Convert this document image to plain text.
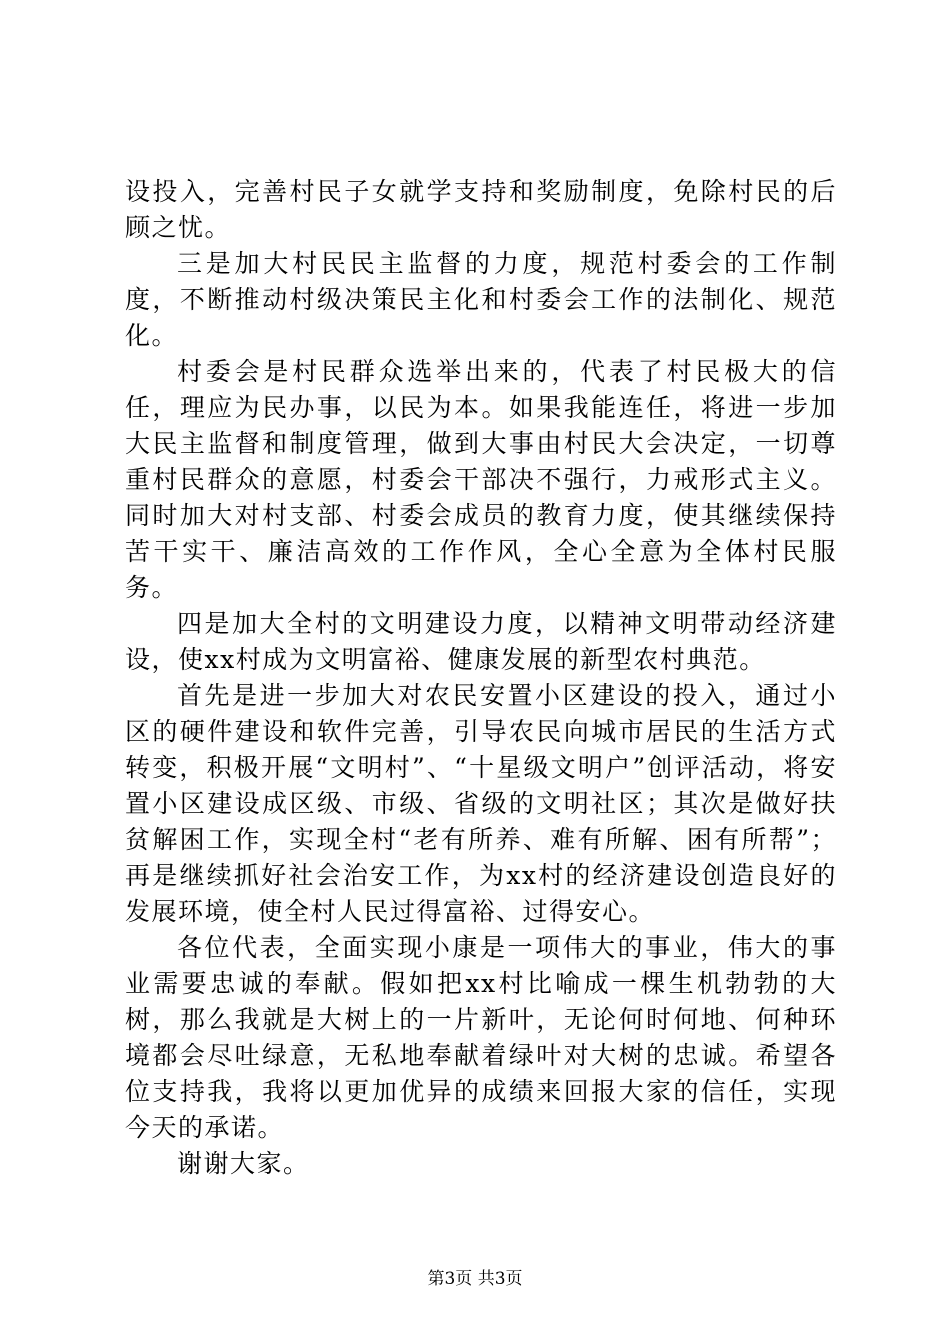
设投入，完善村民子女就学支持和奖励制度，免除村民的后顾之忧。

三是加大村民民主监督的力度，规范村委会的工作制度，不断推动村级决策民主化和村委会工作的法制化、规范化。

村委会是村民群众选举出来的，代表了村民极大的信任，理应为民办事，以民为本。如果我能连任，将进一步加大民主监督和制度管理，做到大事由村民大会决定，一切尊重村民群众的意愿，村委会干部决不强行，力戒形式主义。同时加大对村支部、村委会成员的教育力度，使其继续保持苦干实干、廉洁高效的工作作风，全心全意为全体村民服务。

四是加大全村的文明建设力度，以精神文明带动经济建设，使xx村成为文明富裕、健康发展的新型农村典范。

首先是进一步加大对农民安置小区建设的投入，通过小区的硬件建设和软件完善，引导农民向城市居民的生活方式转变，积极开展“文明村”、“十星级文明户”创评活动，将安置小区建设成区级、市级、省级的文明社区；其次是做好扶贫解困工作，实现全村“老有所养、难有所解、困有所帮”；再是继续抓好社会治安工作，为xx村的经济建设创造良好的发展环境，使全村人民过得富裕、过得安心。

各位代表，全面实现小康是一项伟大的事业，伟大的事业需要忠诚的奉献。假如把xx村比喻成一棵生机勃勃的大树，那么我就是大树上的一片新叶，无论何时何地、何种环境都会尽吐绿意，无私地奉献着绿叶对大树的忠诚。希望各位支持我，我将以更加优异的成绩来回报大家的信任，实现今天的承诺。

谢谢大家。

第3页 共3页
